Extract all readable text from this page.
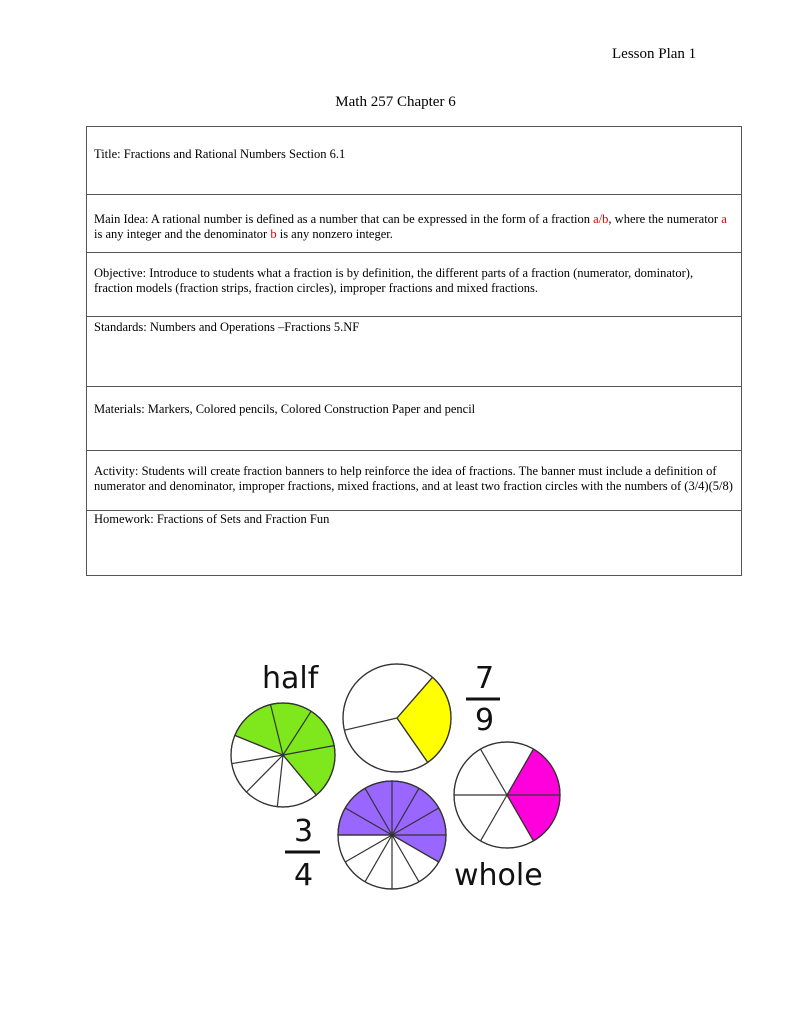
Lesson Plan 1
Math 257 Chapter 6
Title: Fractions and Rational Numbers Section 6.1
Main Idea: A rational number is defined as a number that can be expressed in the form of a fraction a/b, where the numerator a is any integer and the denominator b is any nonzero integer.
Objective: Introduce to students what a fraction is by definition, the different parts of a fraction (numerator, dominator), fraction models (fraction strips, fraction circles), improper fractions and mixed fractions.
Standards: Numbers and Operations –Fractions 5.NF
Materials: Markers, Colored pencils, Colored Construction Paper and pencil
Activity: Students will create fraction banners to help reinforce the idea of fractions. The banner must include a definition of numerator and denominator, improper fractions, mixed fractions, and at least two fraction circles with the numbers of (3/4)(5/8)
Homework: Fractions of Sets and Fraction Fun
half	7
9
whole
3
4
